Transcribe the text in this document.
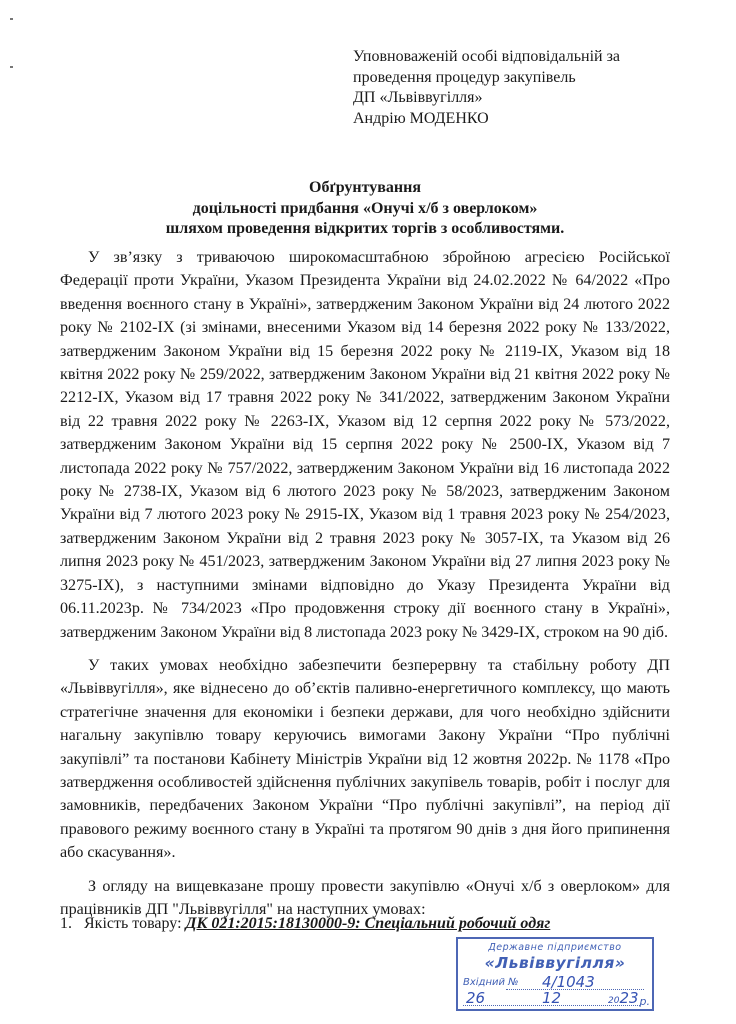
Уповноваженій особі відповідальній за
проведення процедур закупівель
ДП «Львіввугілля»
Андрію МОДЕНКО
Обґрунтування
доцільності придбання «Онучі х/б з оверлоком»
шляхом проведення відкритих торгів з особливостями.

У зв’язку з триваючою широкомасштабною збройною агресією Російської Федерації проти України, Указом Президента України від 24.02.2022 № 64/2022 «Про введення воєнного стану в Україні», затвердженим Законом України від 24 лютого 2022 року № 2102-IX (зі змінами, внесеними Указом від 14 березня 2022 року № 133/2022, затвердженим Законом України від 15 березня 2022 року № 2119-IX, Указом від 18 квітня 2022 року № 259/2022, затвердженим Законом України від 21 квітня 2022 року № 2212-IX, Указом від 17 травня 2022 року № 341/2022, затвердженим Законом України від 22 травня 2022 року № 2263-IX, Указом від 12 серпня 2022 року № 573/2022, затвердженим Законом України від 15 серпня 2022 року № 2500-IX, Указом від 7 листопада 2022 року № 757/2022, затвердженим Законом України від 16 листопада 2022 року № 2738-IX, Указом від 6 лютого 2023 року № 58/2023, затвердженим Законом України від 7 лютого 2023 року № 2915-IX, Указом від 1 травня 2023 року № 254/2023, затвердженим Законом України від 2 травня 2023 року № 3057-IX, та Указом від 26 липня 2023 року № 451/2023, затвердженим Законом України від 27 липня 2023 року № 3275-IX), з наступними змінами відповідно до Указу Президента України від 06.11.2023р. № 734/2023 «Про продовження строку дії воєнного стану в Україні», затвердженим Законом України від 8 листопада 2023 року № 3429-IX, строком на 90 діб.

У таких умовах необхідно забезпечити безперервну та стабільну роботу ДП «Львіввугілля», яке віднесено до об’єктів паливно-енергетичного комплексу, що мають стратегічне значення для економіки і безпеки держави, для чого необхідно здійснити нагальну закупівлю товару керуючись вимогами Закону України “Про публічні закупівлі” та постанови Кабінету Міністрів України від 12 жовтня 2022р. № 1178 «Про затвердження особливостей здійснення публічних закупівель товарів, робіт і послуг для замовників, передбачених Законом України “Про публічні закупівлі”, на період дії правового режиму воєнного стану в Україні та протягом 90 днів з дня його припинення або скасування».

З огляду на вищевказане прошу провести закупівлю «Онучі х/б з оверлоком» для працівників ДП "Львіввугілля" на наступних умовах:

1. Якість товару: ДК 021:2015:18130000-9: Спеціальний робочий одяг
Державне підприємство
«Львіввугілля»
Вхідний № 4/1043
26	12	2023 р.
